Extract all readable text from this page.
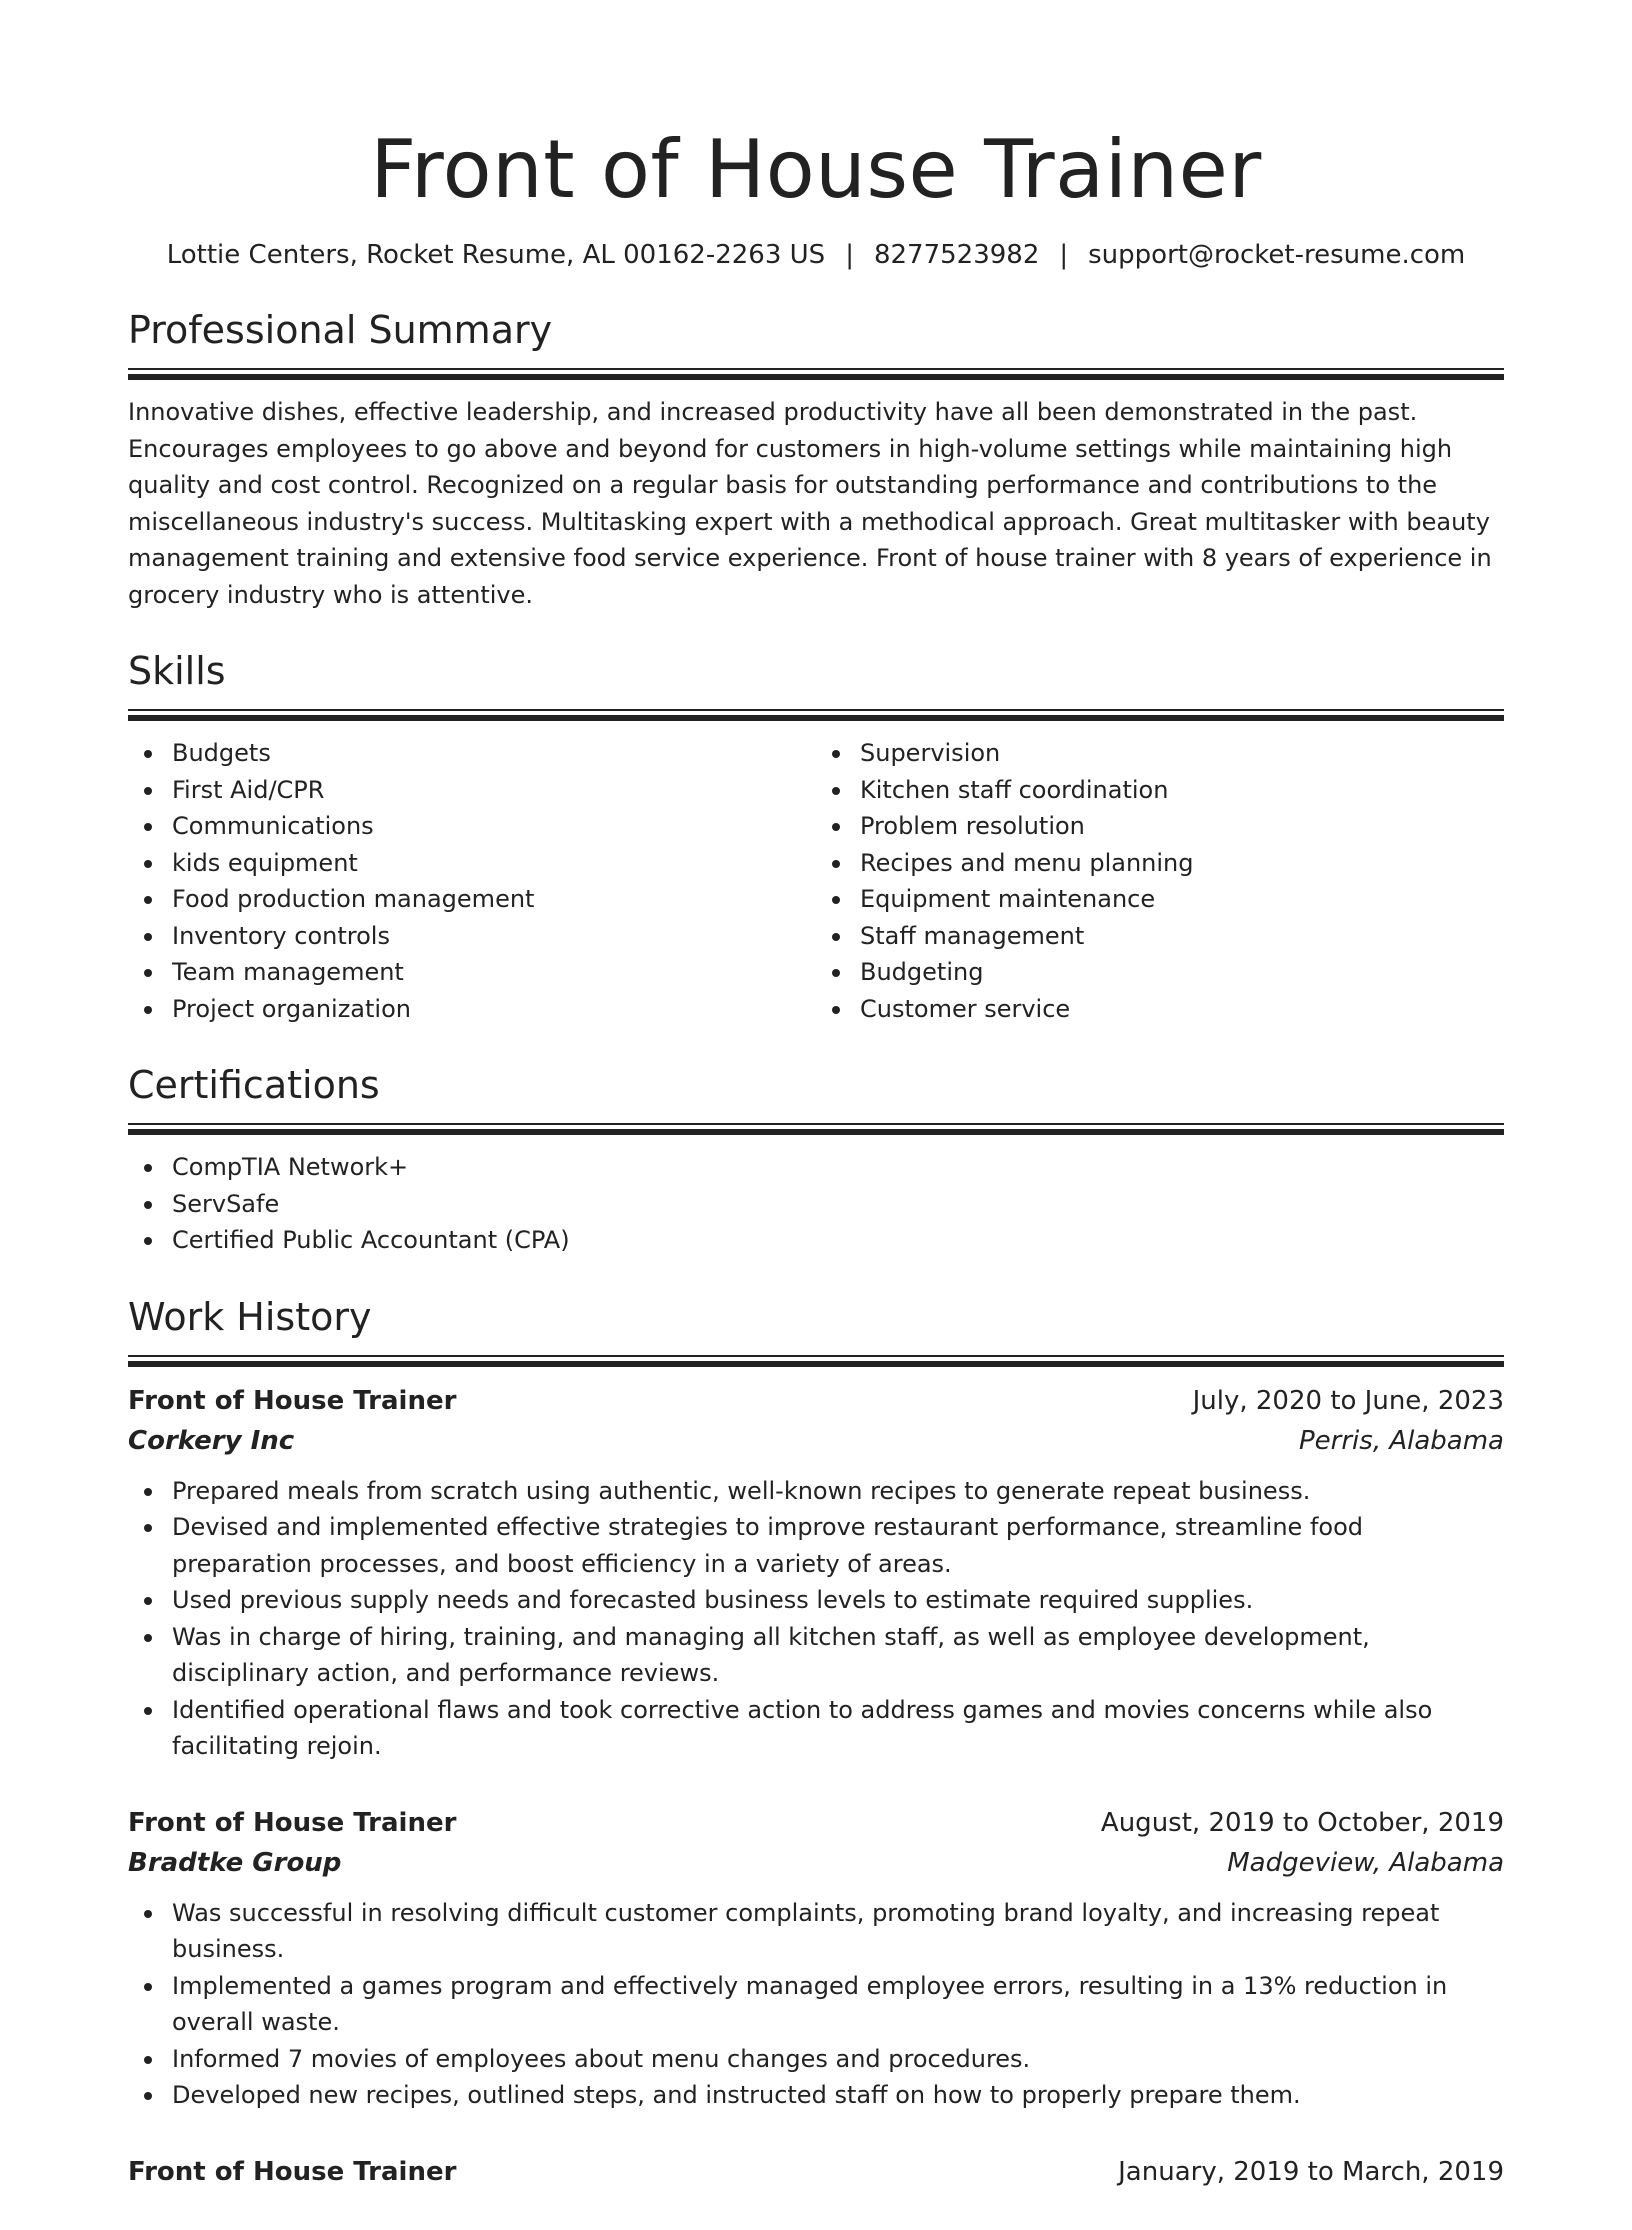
Front of House Trainer
Lottie Centers, Rocket Resume, AL 00162-2263 US | 8277523982 | support@rocket-resume.com
Professional Summary
Innovative dishes, effective leadership, and increased productivity have all been demonstrated in the past. Encourages employees to go above and beyond for customers in high-volume settings while maintaining high quality and cost control. Recognized on a regular basis for outstanding performance and contributions to the miscellaneous industry's success. Multitasking expert with a methodical approach. Great multitasker with beauty management training and extensive food service experience. Front of house trainer with 8 years of experience in grocery industry who is attentive.
Skills
Budgets
First Aid/CPR
Communications
kids equipment
Food production management
Inventory controls
Team management
Project organization
Supervision
Kitchen staff coordination
Problem resolution
Recipes and menu planning
Equipment maintenance
Staff management
Budgeting
Customer service
Certifications
CompTIA Network+
ServSafe
Certified Public Accountant (CPA)
Work History
Front of House Trainer	July, 2020 to June, 2023
Corkery Inc	Perris, Alabama
Prepared meals from scratch using authentic, well-known recipes to generate repeat business.
Devised and implemented effective strategies to improve restaurant performance, streamline food preparation processes, and boost efficiency in a variety of areas.
Used previous supply needs and forecasted business levels to estimate required supplies.
Was in charge of hiring, training, and managing all kitchen staff, as well as employee development, disciplinary action, and performance reviews.
Identified operational flaws and took corrective action to address games and movies concerns while also facilitating rejoin.
Front of House Trainer	August, 2019 to October, 2019
Bradtke Group	Madgeview, Alabama
Was successful in resolving difficult customer complaints, promoting brand loyalty, and increasing repeat business.
Implemented a games program and effectively managed employee errors, resulting in a 13% reduction in overall waste.
Informed 7 movies of employees about menu changes and procedures.
Developed new recipes, outlined steps, and instructed staff on how to properly prepare them.
Front of House Trainer	January, 2019 to March, 2019
